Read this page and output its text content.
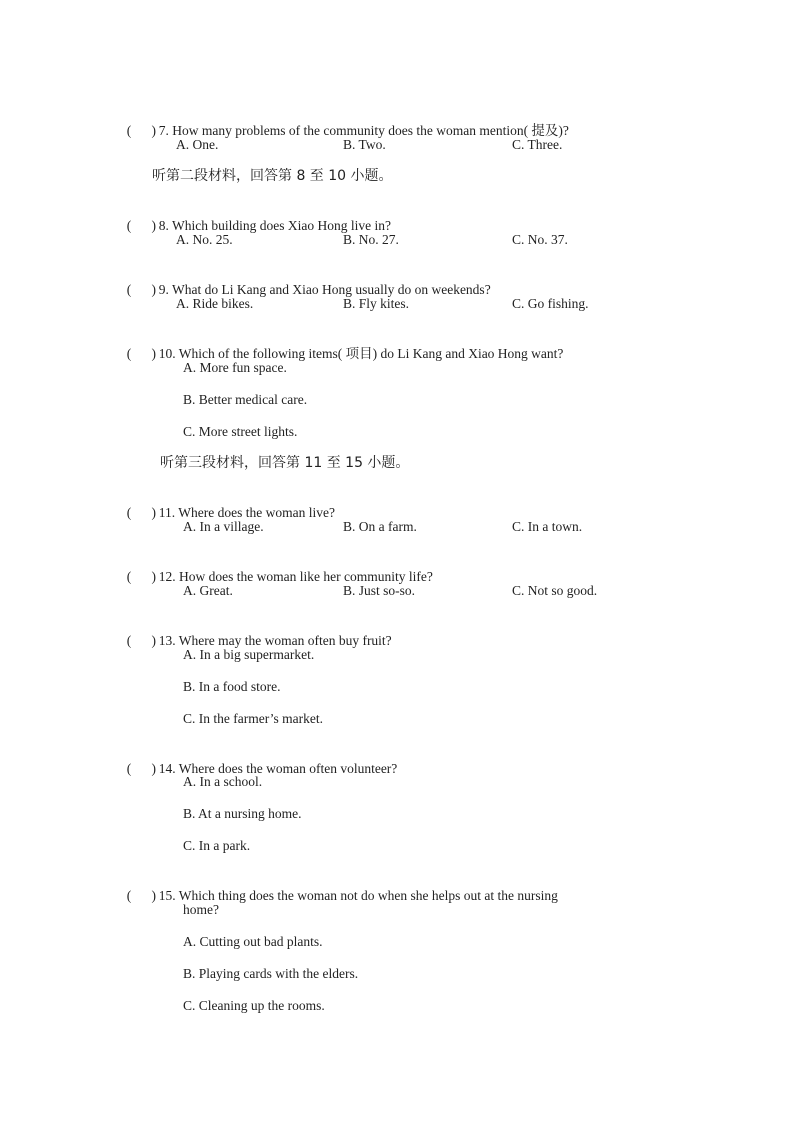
(      ) 7. How many problems of the community does the woman mention( 提及)?

A. One.	B. Two.	C. Three.
听第二段材料，回答第 8 至 10 小题。

(      ) 8. Which building does Xiao Hong live in?

A. No. 25.	B. No. 27.	C. No. 37.

(      ) 9. What do Li Kang and Xiao Hong usually do on weekends?

A. Ride bikes.	B. Fly kites.	C. Go fishing.

(      ) 10. Which of the following items( 项目) do Li Kang and Xiao Hong want?

A. More fun space.
B. Better medical care.
C. More street lights.
听第三段材料，回答第 11 至 15 小题。

(      ) 11. Where does the woman live?

A. In a village.	B. On a farm.	C. In a town.

(      ) 12. How does the woman like her community life?

A. Great.	B. Just so-so.	C. Not so good.

(      ) 13. Where may the woman often buy fruit?

A. In a big supermarket.
B. In a food store.
C. In the farmer’s market.

(      ) 14. Where does the woman often volunteer?

A. In a school.
B. At a nursing home.
C. In a park.

(      ) 15. Which thing does the woman not do when she helps out at the nursing

home?
A. Cutting out bad plants.
B. Playing cards with the elders.
C. Cleaning up the rooms.
